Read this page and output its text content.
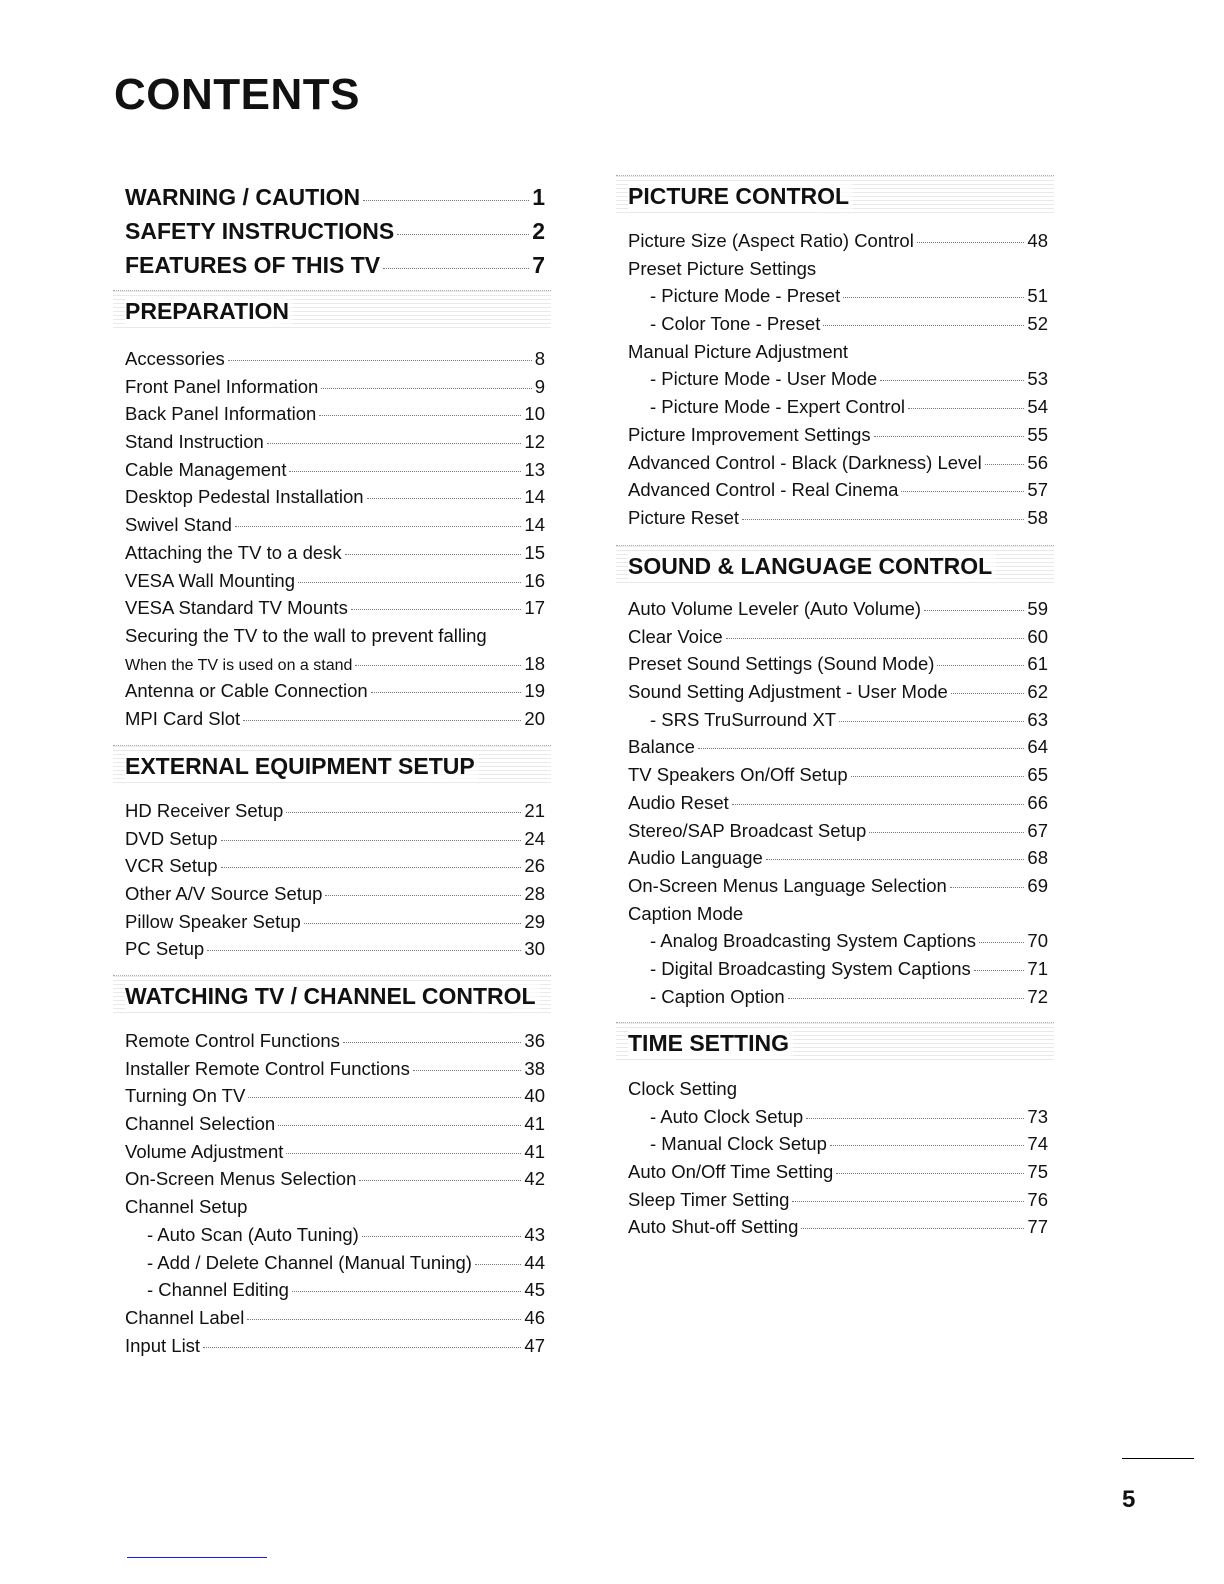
CONTENTS
WARNING / CAUTION	1
SAFETY INSTRUCTIONS	2
FEATURES OF THIS TV	7
PREPARATION
Accessories	8
Front Panel Information	9
Back Panel Information	10
Stand Instruction	12
Cable Management	13
Desktop Pedestal Installation	14
Swivel Stand	14
Attaching the TV to a desk	15
VESA Wall Mounting	16
VESA Standard TV Mounts	17
Securing the TV to the wall to prevent falling
When the TV is used on a stand	18
Antenna or Cable Connection	19
MPI Card Slot	20
EXTERNAL EQUIPMENT SETUP
HD Receiver Setup	21
DVD Setup	24
VCR Setup	26
Other A/V Source Setup	28
Pillow Speaker Setup	29
PC Setup	30
WATCHING TV / CHANNEL CONTROL
Remote Control Functions	36
Installer Remote Control Functions	38
Turning On TV	40
Channel Selection	41
Volume Adjustment	41
On-Screen Menus Selection	42
Channel Setup
- Auto Scan (Auto Tuning)	43
- Add / Delete Channel (Manual Tuning)	44
- Channel Editing	45
Channel Label	46
Input List	47
PICTURE CONTROL
Picture Size (Aspect Ratio) Control	48
Preset Picture Settings
- Picture Mode - Preset	51
- Color Tone - Preset	52
Manual Picture Adjustment
- Picture Mode - User Mode	53
- Picture Mode - Expert Control	54
Picture Improvement Settings	55
Advanced Control - Black (Darkness) Level 56
Advanced Control - Real Cinema	57
Picture Reset	58
SOUND & LANGUAGE CONTROL
Auto Volume Leveler (Auto Volume)	59
Clear Voice	60
Preset Sound Settings (Sound Mode)	61
Sound Setting Adjustment - User Mode	62
- SRS TruSurround XT	63
Balance	64
TV Speakers On/Off Setup	65
Audio Reset	66
Stereo/SAP Broadcast Setup	67
Audio Language	68
On-Screen Menus Language Selection	69
Caption Mode
- Analog Broadcasting System Captions	70
- Digital Broadcasting System Captions	71
- Caption Option	72
TIME SETTING
Clock Setting
- Auto Clock Setup	73
- Manual Clock Setup	74
Auto On/Off Time Setting	75
Sleep Timer Setting	76
Auto Shut-off Setting	77
5
